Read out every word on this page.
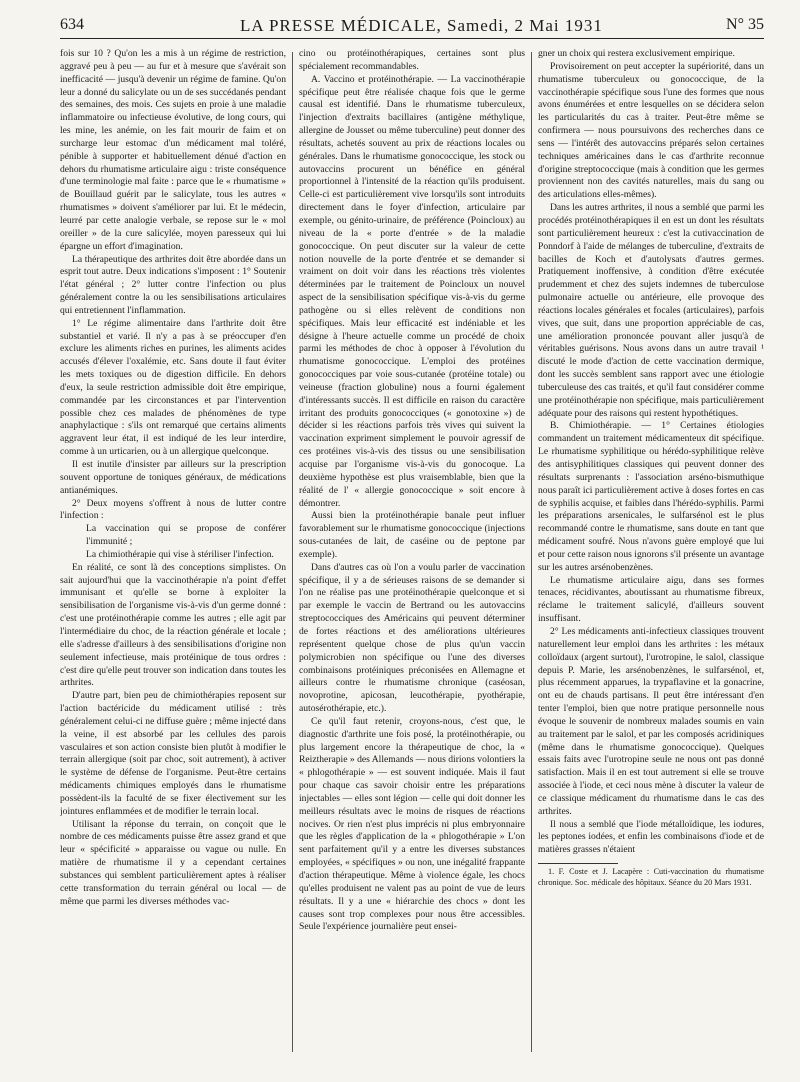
634	LA PRESSE MÉDICALE, Samedi, 2 Mai 1931	N° 35

fois sur 10 ? Qu'on les a mis à un régime de restriction, aggravé peu à peu — au fur et à mesure que s'avérait son inefficacité — jusqu'à devenir un régime de famine. Qu'on leur a donné du salicylate ou un de ses succédanés pendant des semaines, des mois. Ces sujets en proie à une maladie inflammatoire ou infectieuse évolutive, de long cours, qui les mine, les anémie, on les fait mourir de faim et on surcharge leur estomac d'un médicament mal toléré, pénible à supporter et habituellement dénué d'action en dehors du rhumatisme articulaire aigu : triste conséquence d'une terminologie mal faite : parce que le « rhumatisme » de Bouillaud guérit par le salicylate, tous les autres « rhumatismes » doivent s'améliorer par lui. Et le médecin, leurré par cette analogie verbale, se repose sur le « mol oreiller » de la cure salicylée, moyen paresseux qui lui épargne un effort d'imagination.

La thérapeutique des arthrites doit être abordée dans un esprit tout autre. Deux indications s'imposent : 1° Soutenir l'état général ; 2° lutter contre l'infection ou plus généralement contre la ou les sensibilisations articulaires qui entretiennent l'inflammation.

1° Le régime alimentaire dans l'arthrite doit être substantiel et varié. Il n'y a pas à se préoccuper d'en exclure les aliments riches en purines, les aliments acides accusés d'élever l'oxalémie, etc. Sans doute il faut éviter les mets toxiques ou de digestion difficile. En dehors d'eux, la seule restriction admissible doit être empirique, commandée par les circonstances et par l'intervention possible chez ces malades de phénomènes de type anaphylactique : s'ils ont remarqué que certains aliments aggravent leur état, il est indiqué de les leur interdire, comme à un urticarien, ou à un allergique quelconque.

Il est inutile d'insister par ailleurs sur la prescription souvent opportune de toniques généraux, de médications antianémiques.

2° Deux moyens s'offrent à nous de lutter contre l'infection :

La vaccination qui se propose de conférer l'immunité ;

La chimiothérapie qui vise à stériliser l'infection.

En réalité, ce sont là des conceptions simplistes. On sait aujourd'hui que la vaccinothérapie n'a point d'effet immunisant et qu'elle se borne à exploiter la sensibilisation de l'organisme vis-à-vis d'un germe donné : c'est une protéinothérapie comme les autres ; elle agit par l'intermédiaire du choc, de la réaction générale et locale ; elle s'adresse d'ailleurs à des sensibilisations d'origine non seulement infectieuse, mais protéinique de tous ordres : c'est dire qu'elle peut trouver son indication dans toutes les arthrites.

D'autre part, bien peu de chimiothérapies reposent sur l'action bactéricide du médicament utilisé : très généralement celui-ci ne diffuse guère ; même injecté dans la veine, il est absorbé par les cellules des parois vasculaires et son action consiste bien plutôt à modifier le terrain allergique (soit par choc, soit autrement), à activer le système de défense de l'organisme. Peut-être certains médicaments chimiques employés dans le rhumatisme possèdent-ils la faculté de se fixer électivement sur les jointures enflammées et de modifier le terrain local.

Utilisant la réponse du terrain, on conçoit que le nombre de ces médicaments puisse être assez grand et que leur « spécificité » apparaisse ou vague ou nulle. En matière de rhumatisme il y a cependant certaines substances qui semblent particulièrement aptes à réaliser cette transformation du terrain général ou local — de même que parmi les diverses méthodes vac-

cino ou protéinothérapiques, certaines sont plus spécialement recommandables.

A. Vaccino et protéinothérapie. — La vaccinothérapie spécifique peut être réalisée chaque fois que le germe causal est identifié. Dans le rhumatisme tuberculeux, l'injection d'extraits bacillaires (antigène méthylique, allergine de Jousset ou même tuberculine) peut donner des résultats, achetés souvent au prix de réactions locales ou générales. Dans le rhumatisme gonococcique, les stock ou autovaccins procurent un bénéfice en général proportionnel à l'intensité de la réaction qu'ils produisent. Celle-ci est particulièrement vive lorsqu'ils sont introduits directement dans le foyer d'infection, articulaire par exemple, ou génito-urinaire, de préférence (Poincloux) au niveau de la « porte d'entrée » de la maladie gonococcique. On peut discuter sur la valeur de cette notion nouvelle de la porte d'entrée et se demander si vraiment on doit voir dans les réactions très violentes déterminées par le traitement de Poincloux un nouvel aspect de la sensibilisation spécifique vis-à-vis du germe pathogène ou si elles relèvent de conditions non spécifiques. Mais leur efficacité est indéniable et les désigne à l'heure actuelle comme un procédé de choix parmi les méthodes de choc à opposer à l'évolution du rhumatisme gonococcique. L'emploi des protéines gonococciques par voie sous-cutanée (protéine totale) ou veineuse (fraction globuline) nous a fourni également d'intéressants succès. Il est difficile en raison du caractère irritant des produits gonococciques (« gonotoxine ») de décider si les réactions parfois très vives qui suivent la vaccination expriment simplement le pouvoir agressif de ces protéines vis-à-vis des tissus ou une sensibilisation acquise par l'organisme vis-à-vis du gonocoque. La deuxième hypothèse est plus vraisemblable, bien que la réalité de l' « allergie gonococcique » soit encore à démontrer.

Aussi bien la protéinothérapie banale peut influer favorablement sur le rhumatisme gonococcique (injections sous-cutanées de lait, de caséine ou de peptone par exemple).

Dans d'autres cas où l'on a voulu parler de vaccination spécifique, il y a de sérieuses raisons de se demander si l'on ne réalise pas une protéinothérapie quelconque et si par exemple le vaccin de Bertrand ou les autovaccins streptococciques des Américains qui peuvent déterminer de fortes réactions et des améliorations ultérieures représentent quelque chose de plus qu'un vaccin polymicrobien non spécifique ou l'une des diverses combinaisons protéiniques préconisées en Allemagne et ailleurs contre le rhumatisme chronique (caséosan, novoprotine, apicosan, leucothérapie, pyothérapie, autosérothérapie, etc.).

Ce qu'il faut retenir, croyons-nous, c'est que, le diagnostic d'arthrite une fois posé, la protéinothérapie, ou plus largement encore la thérapeutique de choc, la « Reiztherapie » des Allemands — nous dirions volontiers la « phlogothérapie » — est souvent indiquée. Mais il faut pour chaque cas savoir choisir entre les préparations injectables — elles sont légion — celle qui doit donner les meilleurs résultats avec le moins de risques de réactions nocives. Or rien n'est plus imprécis ni plus embryonnaire que les règles d'application de la « phlogothérapie » L'on sent parfaitement qu'il y a entre les diverses substances employées, « spécifiques » ou non, une inégalité frappante d'action thérapeutique. Même à violence égale, les chocs qu'elles produisent ne valent pas au point de vue de leurs résultats. Il y a une « hiérarchie des chocs » dont les causes sont trop complexes pour nous être accessibles. Seule l'expérience journalière peut ensei-

gner un choix qui restera exclusivement empirique.

Provisoirement on peut accepter la supériorité, dans un rhumatisme tuberculeux ou gonococcique, de la vaccinothérapie spécifique sous l'une des formes que nous avons énumérées et entre lesquelles on se décidera selon les particularités du cas à traiter. Peut-être même se confirmera — nous poursuivons des recherches dans ce sens — l'intérêt des autovaccins préparés selon certaines techniques américaines dans le cas d'arthrite reconnue d'origine streptococcique (mais à condition que les germes proviennent non des cavités naturelles, mais du sang ou des articulations elles-mêmes).

Dans les autres arthrites, il nous a semblé que parmi les procédés protéinothérapiques il en est un dont les résultats sont particulièrement heureux : c'est la cutivaccination de Ponndorf à l'aide de mélanges de tuberculine, d'extraits de bacilles de Koch et d'autolysats d'autres germes. Pratiquement inoffensive, à condition d'être exécutée prudemment et chez des sujets indemnes de tuberculose pulmonaire actuelle ou antérieure, elle provoque des réactions locales générales et focales (articulaires), parfois vives, que suit, dans une proportion appréciable de cas, une amélioration prononcée pouvant aller jusqu'à de véritables guérisons. Nous avons dans un autre travail ¹ discuté le mode d'action de cette vaccination dermique, dont les succès semblent sans rapport avec une étiologie tuberculeuse des cas traités, et qu'il faut considérer comme une protéinothérapie non spécifique, mais particulièrement adéquate pour des raisons qui restent hypothétiques.

B. Chimiothérapie. — 1° Certaines étiologies commandent un traitement médicamenteux dit spécifique. Le rhumatisme syphilitique ou hérédo-syphilitique relève des antisyphilitiques classiques qui peuvent donner des résultats surprenants : l'association arséno-bismuthique nous paraît ici particulièrement active à doses fortes en cas de syphilis acquise, et faibles dans l'hérédo-syphilis. Parmi les préparations arsenicales, le sulfarsénol est le plus recommandé contre le rhumatisme, sans doute en tant que médicament soufré. Nous n'avons guère employé que lui et pour cette raison nous ignorons s'il présente un avantage sur les autres arsénobenzènes.

Le rhumatisme articulaire aigu, dans ses formes tenaces, récidivantes, aboutissant au rhumatisme fibreux, réclame le traitement salicylé, d'ailleurs souvent insuffisant.

2° Les médicaments anti-infectieux classiques trouvent naturellement leur emploi dans les arthrites : les métaux colloïdaux (argent surtout), l'urotropine, le salol, classique depuis P. Marie, les arsénobenzènes, le sulfarsénol, et, plus récemment apparues, la trypaflavine et la gonacrine, ont eu de chauds partisans. Il peut être intéressant d'en tenter l'emploi, bien que notre pratique personnelle nous évoque le souvenir de nombreux malades soumis en vain au traitement par le salol, et par les composés acridiniques (même dans le rhumatisme gonococcique). Quelques essais faits avec l'urotropine seule ne nous ont pas donné satisfaction. Mais il en est tout autrement si elle se trouve associée à l'iode, et ceci nous mène à discuter la valeur de ce classique médicament du rhumatisme dans le cas des arthrites.

Il nous a semblé que l'iode métalloïdique, les iodures, les peptones iodées, et enfin les combinaisons d'iode et de matières grasses n'étaient

1. F. Coste et J. Lacapère : Cuti-vaccination du rhumatisme chronique. Soc. médicale des hôpitaux. Séance du 20 Mars 1931.
